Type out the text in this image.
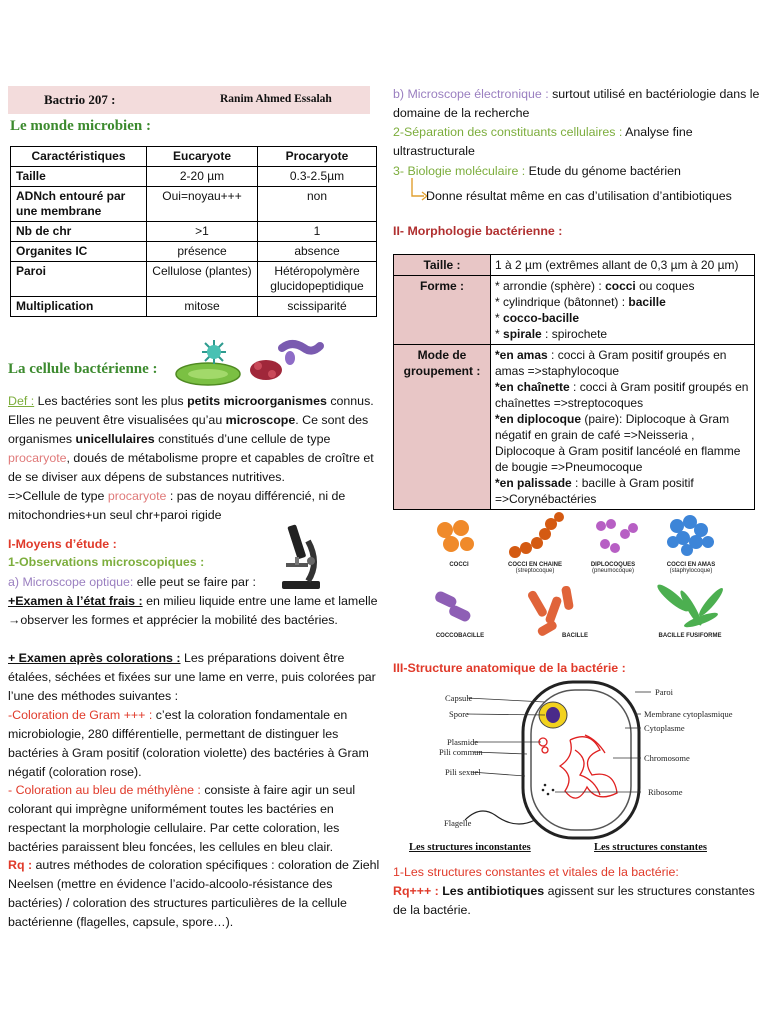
Bactrio 207 :	Ranim Ahmed Essalah
Le monde microbien :
Caractéristiques	Eucaryote	Procaryote
Taille	2-20 µm	0.3-2.5µm
ADNch entouré par une membrane	Oui=noyau+++	non
Nb de chr	>1	1
Organites IC	présence	absence
Paroi	Cellulose (plantes)	Hétéropolymère glucidopeptidique
Multiplication	mitose	scissiparité
La cellule bactérienne :
Def : Les bactéries sont les plus petits microorganismes connus. Elles ne peuvent être visualisées qu’au microscope. Ce sont des organismes unicellulaires constitués d’une cellule de type procaryote, doués de métabolisme propre et capables de croître et de se diviser aux dépens de substances nutritives.
=>Cellule de type procaryote : pas de noyau différencié, ni de mitochondries+un seul chr+paroi rigide
I-Moyens d’étude :
1-Observations microscopiques :
a) Microscope optique: elle peut se faire par :
+Examen à l’état frais : en milieu liquide entre une lame et lamelle →observer les formes et apprécier la mobilité des bactéries.
+ Examen après colorations : Les préparations doivent être étalées, séchées et fixées sur une lame en verre, puis colorées par l’une des méthodes suivantes :
-Coloration de Gram +++ : c’est la coloration fondamentale en microbiologie, 280 différentielle, permettant de distinguer les bactéries à Gram positif (coloration violette) des bactéries à Gram négatif (coloration rose).
- Coloration au bleu de méthylène : consiste à faire agir un seul colorant qui imprègne uniformément toutes les bactéries en respectant la morphologie cellulaire. Par cette coloration, les bactéries paraissent bleu foncées, les cellules en bleu clair.
Rq : autres méthodes de coloration spécifiques : coloration de Ziehl Neelsen (mettre en évidence l’acido-alcoolo-résistance des bactéries) / coloration des structures particulières de la cellule bactérienne (flagelles, capsule, spore…).
b) Microscope électronique : surtout utilisé en bactériologie dans le domaine de la recherche
2-Séparation des constituants cellulaires : Analyse fine ultrastructurale
3- Biologie moléculaire : Etude du génome bactérien
Donne résultat même en cas d’utilisation d’antibiotiques
II- Morphologie bactérienne :
Taille :	1 à 2 µm (extrêmes allant de 0,3 µm à 20 µm)
Forme :	* arrondie (sphère) : cocci ou coques
* cylindrique (bâtonnet) : bacille
* cocco-bacille
* spirale : spirochete

Mode de groupement :	*en amas : cocci à Gram positif groupés en amas =>staphylocoque
*en chaînette : cocci à Gram positif groupés en chaînettes =>streptocoques
*en diplocoque (paire): Diplocoque à Gram négatif en grain de café =>Neisseria , Diplocoque à Gram positif lancéolé en flamme de bougie =>Pneumocoque
*en palissade : bacille à Gram positif =>Corynébactéries
COCCI	COCCI EN CHAINE
(streptocoque)
DIPLOCOQUES
(pneumocoque)
COCCI EN AMAS
(staphylocoque)
COCCOBACILLE	BACILLE	BACILLE FUSIFORME
III-Structure anatomique de la bactérie :
Capsule
Spore
Plasmide
Pili commun
Pili sexuel
Flagelle
Paroi
Membrane cytoplasmique
Cytoplasme
Chromosome
Ribosome
Les structures inconstantes	Les structures constantes
1-Les structures constantes et vitales de la bactérie:
Rq+++ : Les antibiotiques agissent sur les structures constantes de la bactérie.
